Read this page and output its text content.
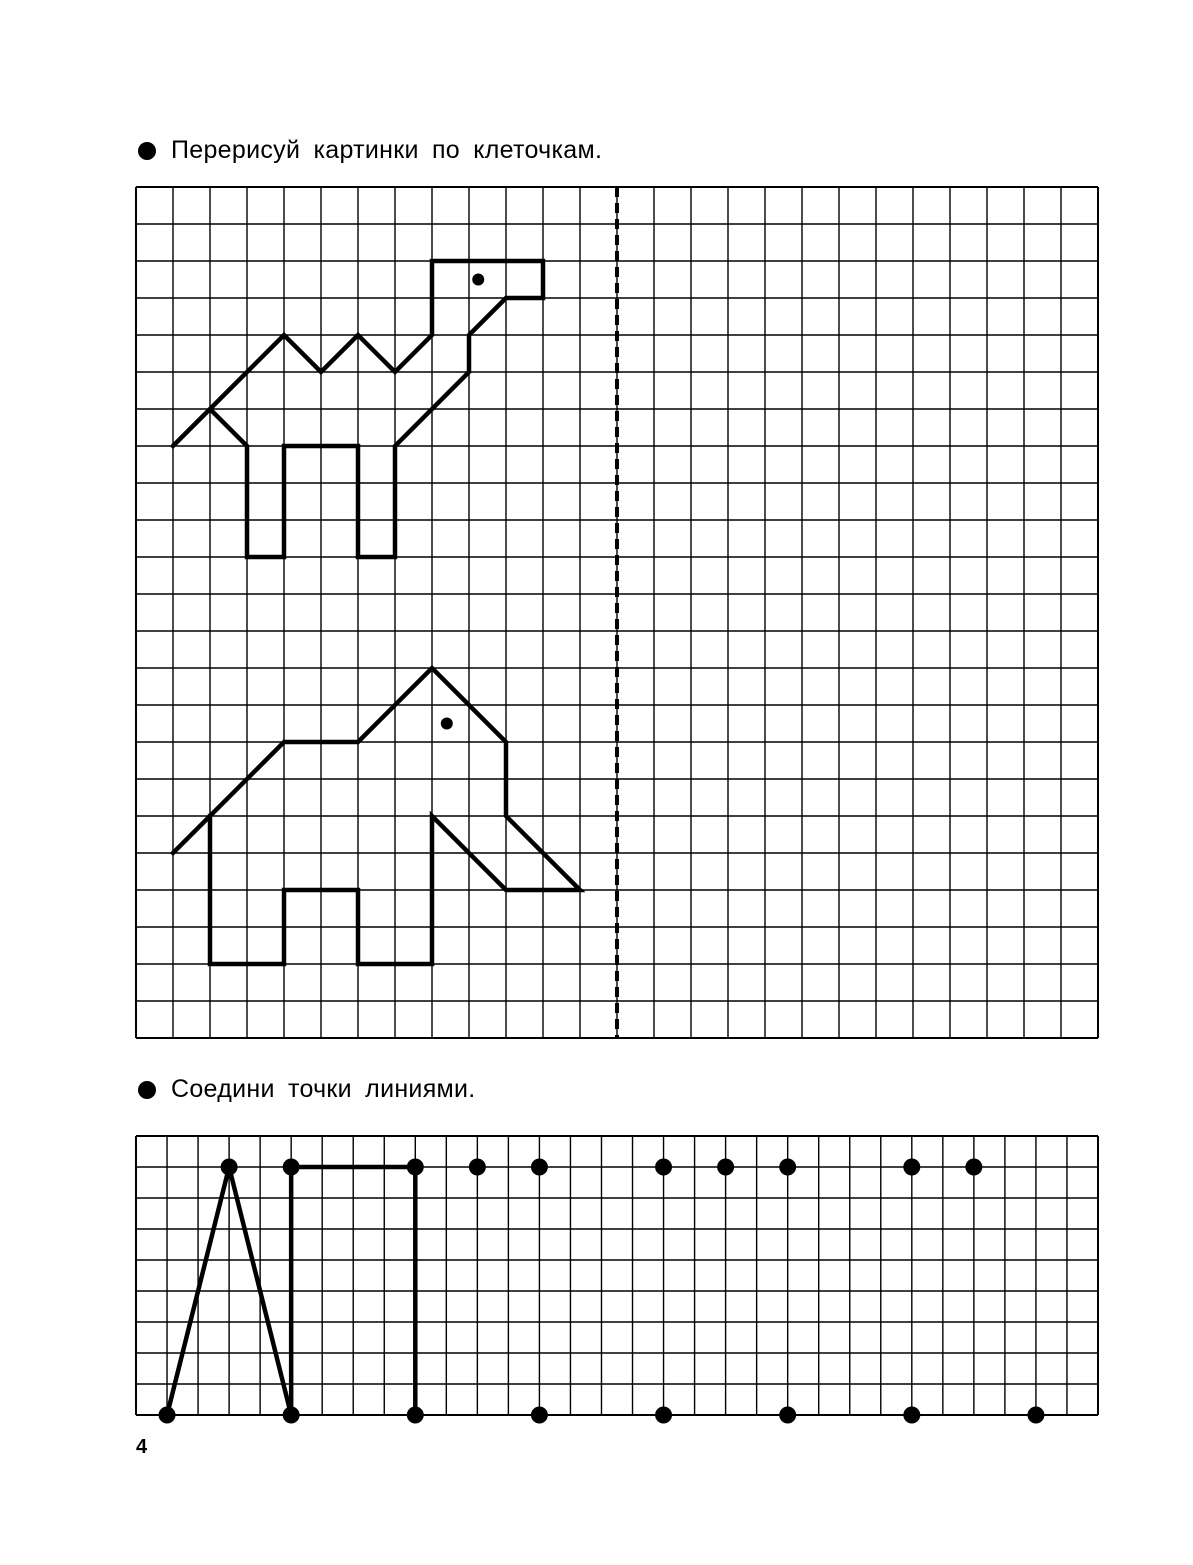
Перерисуй картинки по клеточкам.
Соедини точки линиями.
4
